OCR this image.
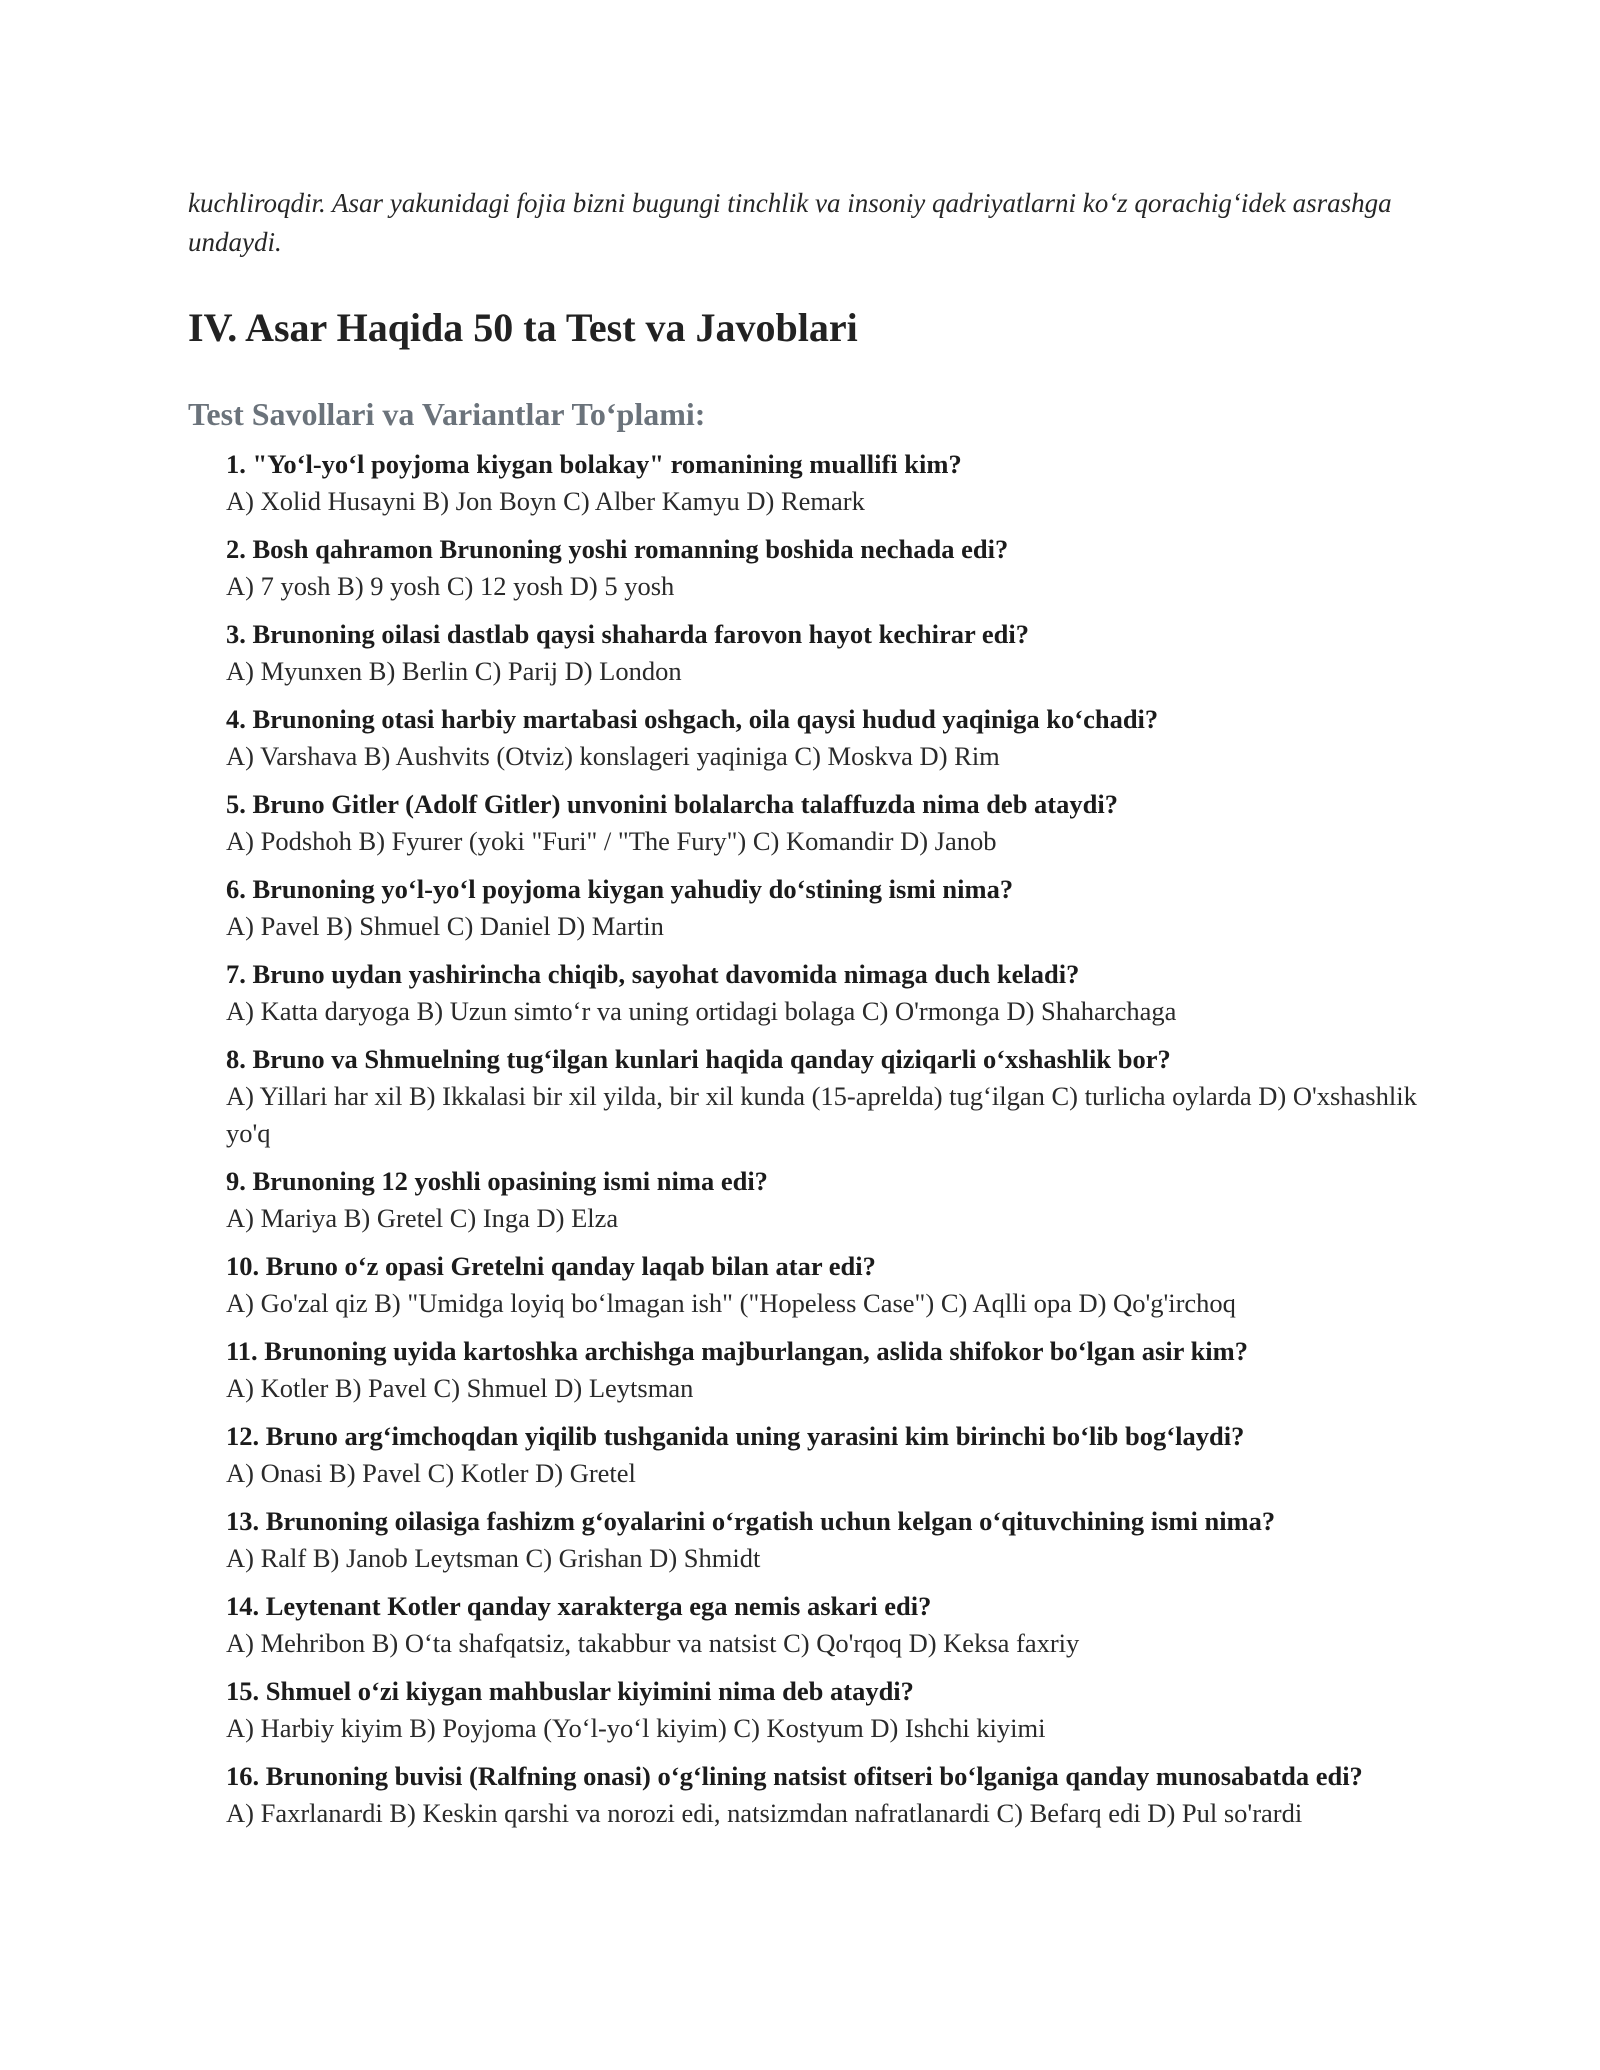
kuchliroqdir. Asar yakunidagi fojia bizni bugungi tinchlik va insoniy qadriyatlarni koʻz qorachigʻidek asrashga undaydi.

IV. Asar Haqida 50 ta Test va Javoblari
Test Savollari va Variantlar Toʻplami:

1. "Yoʻl-yoʻl poyjoma kiygan bolakay" romanining muallifi kim?

A) Xolid Husayni B) Jon Boyn C) Alber Kamyu D) Remark

2. Bosh qahramon Brunoning yoshi romanning boshida nechada edi?

A) 7 yosh B) 9 yosh C) 12 yosh D) 5 yosh

3. Brunoning oilasi dastlab qaysi shaharda farovon hayot kechirar edi?

A) Myunxen B) Berlin C) Parij D) London

4. Brunoning otasi harbiy martabasi oshgach, oila qaysi hudud yaqiniga koʻchadi?

A) Varshava B) Aushvits (Otviz) konslageri yaqiniga C) Moskva D) Rim

5. Bruno Gitler (Adolf Gitler) unvonini bolalarcha talaffuzda nima deb ataydi?

A) Podshoh B) Fyurer (yoki "Furi" / "The Fury") C) Komandir D) Janob

6. Brunoning yoʻl-yoʻl poyjoma kiygan yahudiy doʻstining ismi nima?

A) Pavel B) Shmuel C) Daniel D) Martin

7. Bruno uydan yashirincha chiqib, sayohat davomida nimaga duch keladi?

A) Katta daryoga B) Uzun simtoʻr va uning ortidagi bolaga C) O'rmonga D) Shaharchaga

8. Bruno va Shmuelning tugʻilgan kunlari haqida qanday qiziqarli oʻxshashlik bor?

A) Yillari har xil B) Ikkalasi bir xil yilda, bir xil kunda (15-aprelda) tugʻilgan C) turlicha oylarda D) O'xshashlik yo'q

9. Brunoning 12 yoshli opasining ismi nima edi?

A) Mariya B) Gretel C) Inga D) Elza

10. Bruno oʻz opasi Gretelni qanday laqab bilan atar edi?

A) Go'zal qiz B) "Umidga loyiq boʻlmagan ish" ("Hopeless Case") C) Aqlli opa D) Qo'g'irchoq

11. Brunoning uyida kartoshka archishga majburlangan, aslida shifokor boʻlgan asir kim?

A) Kotler B) Pavel C) Shmuel D) Leytsman

12. Bruno argʻimchoqdan yiqilib tushganida uning yarasini kim birinchi boʻlib bogʻlaydi?

A) Onasi B) Pavel C) Kotler D) Gretel

13. Brunoning oilasiga fashizm gʻoyalarini oʻrgatish uchun kelgan oʻqituvchining ismi nima?

A) Ralf B) Janob Leytsman C) Grishan D) Shmidt

14. Leytenant Kotler qanday xarakterga ega nemis askari edi?

A) Mehribon B) Oʻta shafqatsiz, takabbur va natsist C) Qo'rqoq D) Keksa faxriy

15. Shmuel oʻzi kiygan mahbuslar kiyimini nima deb ataydi?

A) Harbiy kiyim B) Poyjoma (Yoʻl-yoʻl kiyim) C) Kostyum D) Ishchi kiyimi

16. Brunoning buvisi (Ralfning onasi) oʻgʻlining natsist ofitseri boʻlganiga qanday munosabatda edi?

A) Faxrlanardi B) Keskin qarshi va norozi edi, natsizmdan nafratlanardi C) Befarq edi D) Pul so'rardi
